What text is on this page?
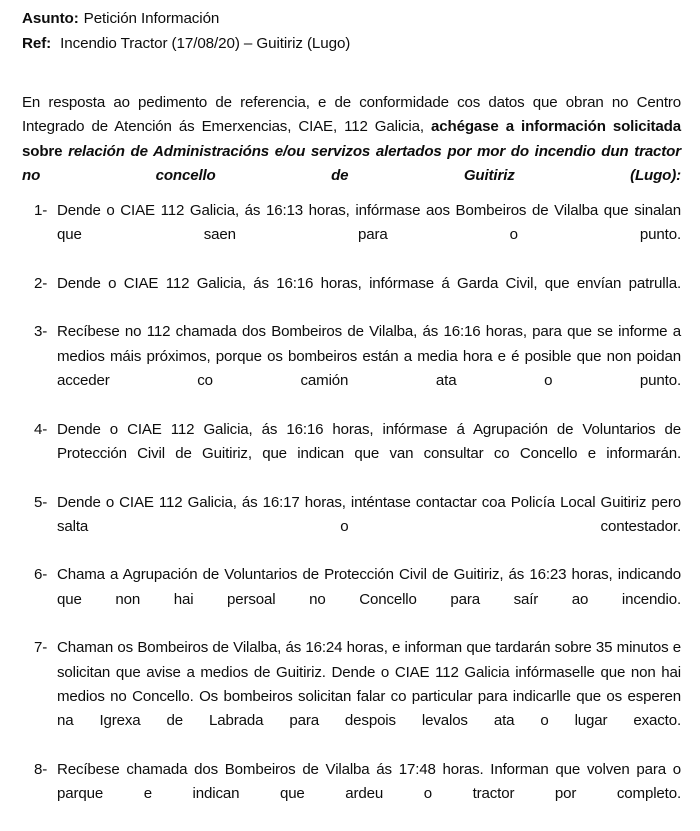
Asunto: Petición Información
Ref: Incendio Tractor (17/08/20) – Guitiriz (Lugo)

En resposta ao pedimento de referencia, e de conformidade cos datos que obran no Centro Integrado de Atención ás Emerxencias, CIAE, 112 Galicia, achégase a información solicitada sobre relación de Administracións e/ou servizos alertados por mor do incendio dun tractor no concello de Guitiriz (Lugo):

1- Dende o CIAE 112 Galicia, ás 16:13 horas, infórmase aos Bombeiros de Vilalba que sinalan que saen para o punto.
2- Dende o CIAE 112 Galicia, ás 16:16 horas, infórmase á Garda Civil, que envían patrulla.
3- Recíbese no 112 chamada dos Bombeiros de Vilalba, ás 16:16 horas, para que se informe a medios máis próximos, porque os bombeiros están a media hora e é posible que non poidan acceder co camión ata o punto.
4- Dende o CIAE 112 Galicia, ás 16:16 horas, infórmase á Agrupación de Voluntarios de Protección Civil de Guitiriz, que indican que van consultar co Concello e informarán.
5- Dende o CIAE 112 Galicia, ás 16:17 horas, inténtase contactar coa Policía Local Guitiriz pero salta o contestador.
6- Chama a Agrupación de Voluntarios de Protección Civil de Guitiriz, ás 16:23 horas, indicando que non hai persoal no Concello para saír ao incendio.
7- Chaman os Bombeiros de Vilalba, ás 16:24 horas, e informan que tardarán sobre 35 minutos e solicitan que avise a medios de Guitiriz. Dende o CIAE 112 Galicia infórmaselle que non hai medios no Concello. Os bombeiros solicitan falar co particular para indicarlle que os esperen na Igrexa de Labrada para despois levalos ata o lugar exacto.
8- Recíbese chamada dos Bombeiros de Vilalba ás 17:48 horas. Informan que volven para o parque e indican que ardeu o tractor por completo.
